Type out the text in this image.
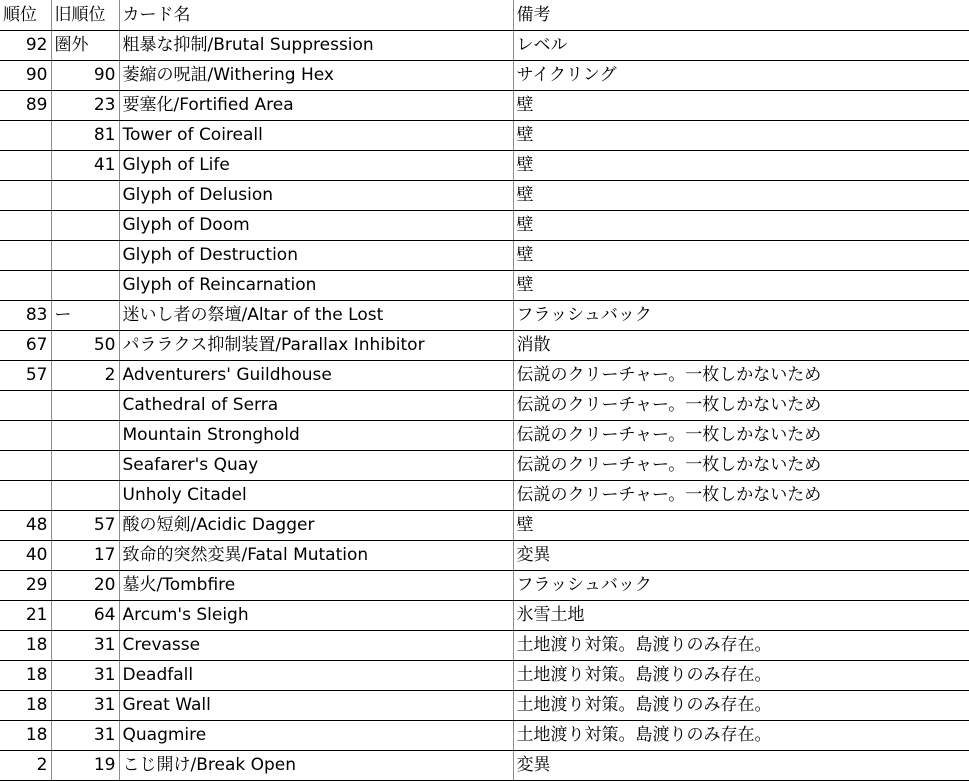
順位	旧順位	カード名	備考
92	圏外	粗暴な抑制/Brutal Suppression	レベル
90	90	萎縮の呪詛/Withering Hex	サイクリング
89	23	要塞化/Fortified Area	壁
	81	Tower of Coireall	壁
	41	Glyph of Life	壁
		Glyph of Delusion	壁
		Glyph of Doom	壁
		Glyph of Destruction	壁
		Glyph of Reincarnation	壁
83	ー	迷いし者の祭壇/Altar of the Lost	フラッシュバック
67	50	パララクス抑制装置/Parallax Inhibitor	消散
57	2	Adventurers' Guildhouse	伝説のクリーチャー。一枚しかないため
		Cathedral of Serra	伝説のクリーチャー。一枚しかないため
		Mountain Stronghold	伝説のクリーチャー。一枚しかないため
		Seafarer's Quay	伝説のクリーチャー。一枚しかないため
		Unholy Citadel	伝説のクリーチャー。一枚しかないため
48	57	酸の短剣/Acidic Dagger	壁
40	17	致命的突然変異/Fatal Mutation	変異
29	20	墓火/Tombfire	フラッシュバック
21	64	Arcum's Sleigh	氷雪土地
18	31	Crevasse	土地渡り対策。島渡りのみ存在。
18	31	Deadfall	土地渡り対策。島渡りのみ存在。
18	31	Great Wall	土地渡り対策。島渡りのみ存在。
18	31	Quagmire	土地渡り対策。島渡りのみ存在。
2	19	こじ開け/Break Open	変異
